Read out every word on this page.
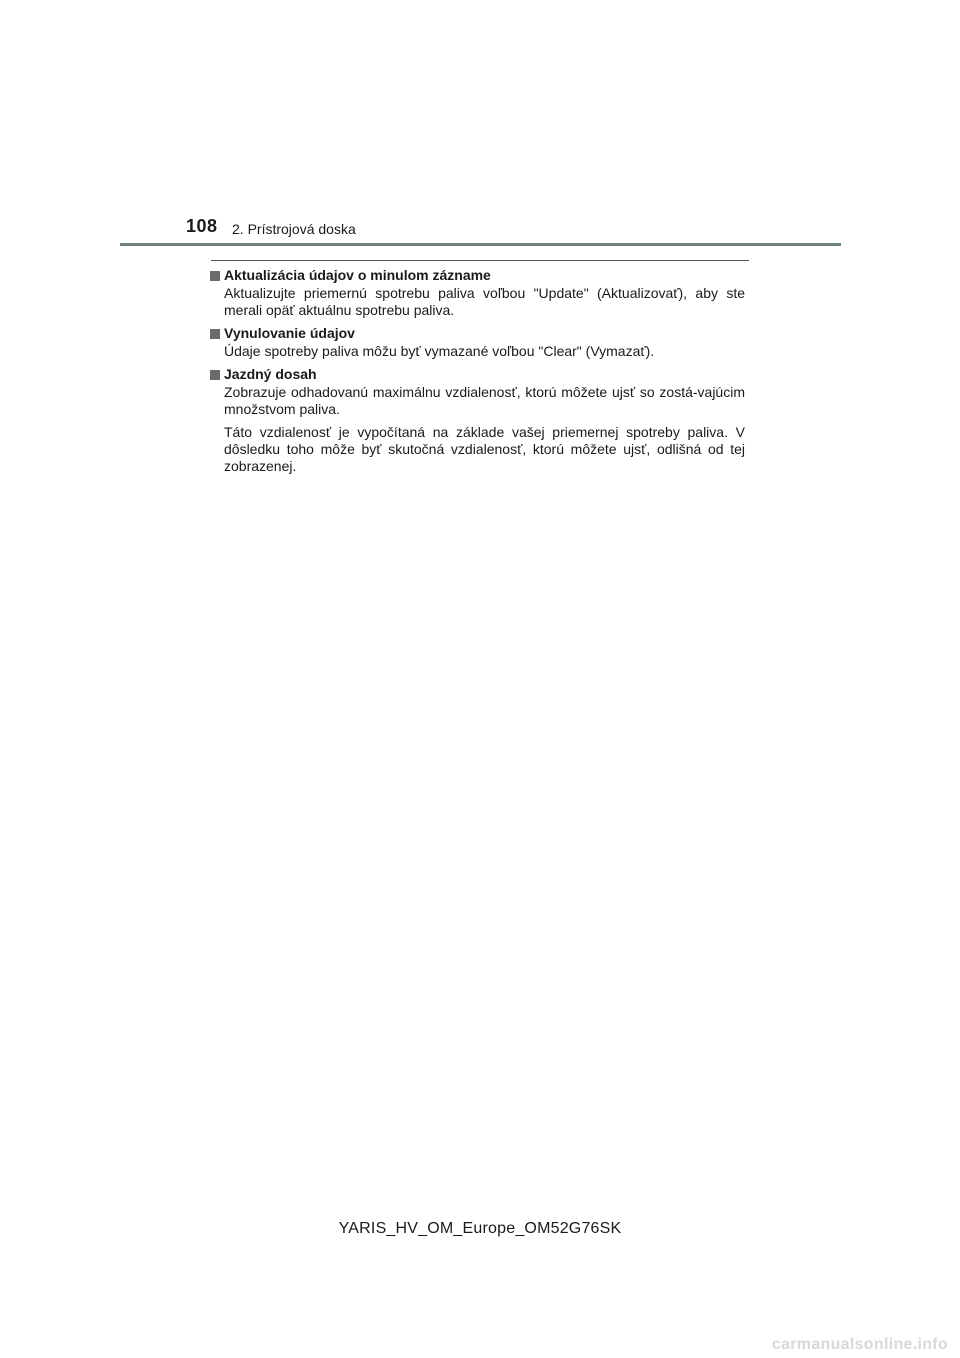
108 2. Prístrojová doska
Aktualizácia údajov o minulom zázname

Aktualizujte priemernú spotrebu paliva voľbou "Update" (Aktualizovať), aby ste merali opäť aktuálnu spotrebu paliva.

Vynulovanie údajov

Údaje spotreby paliva môžu byť vymazané voľbou "Clear" (Vymazať).

Jazdný dosah

Zobrazuje odhadovanú maximálnu vzdialenosť, ktorú môžete ujsť so zostá-vajúcim množstvom paliva.

Táto vzdialenosť je vypočítaná na základe vašej priemernej spotreby paliva. V dôsledku toho môže byť skutočná vzdialenosť, ktorú môžete ujsť, odlišná od tej zobrazenej.

YARIS_HV_OM_Europe_OM52G76SK
carmanualsonline.info
